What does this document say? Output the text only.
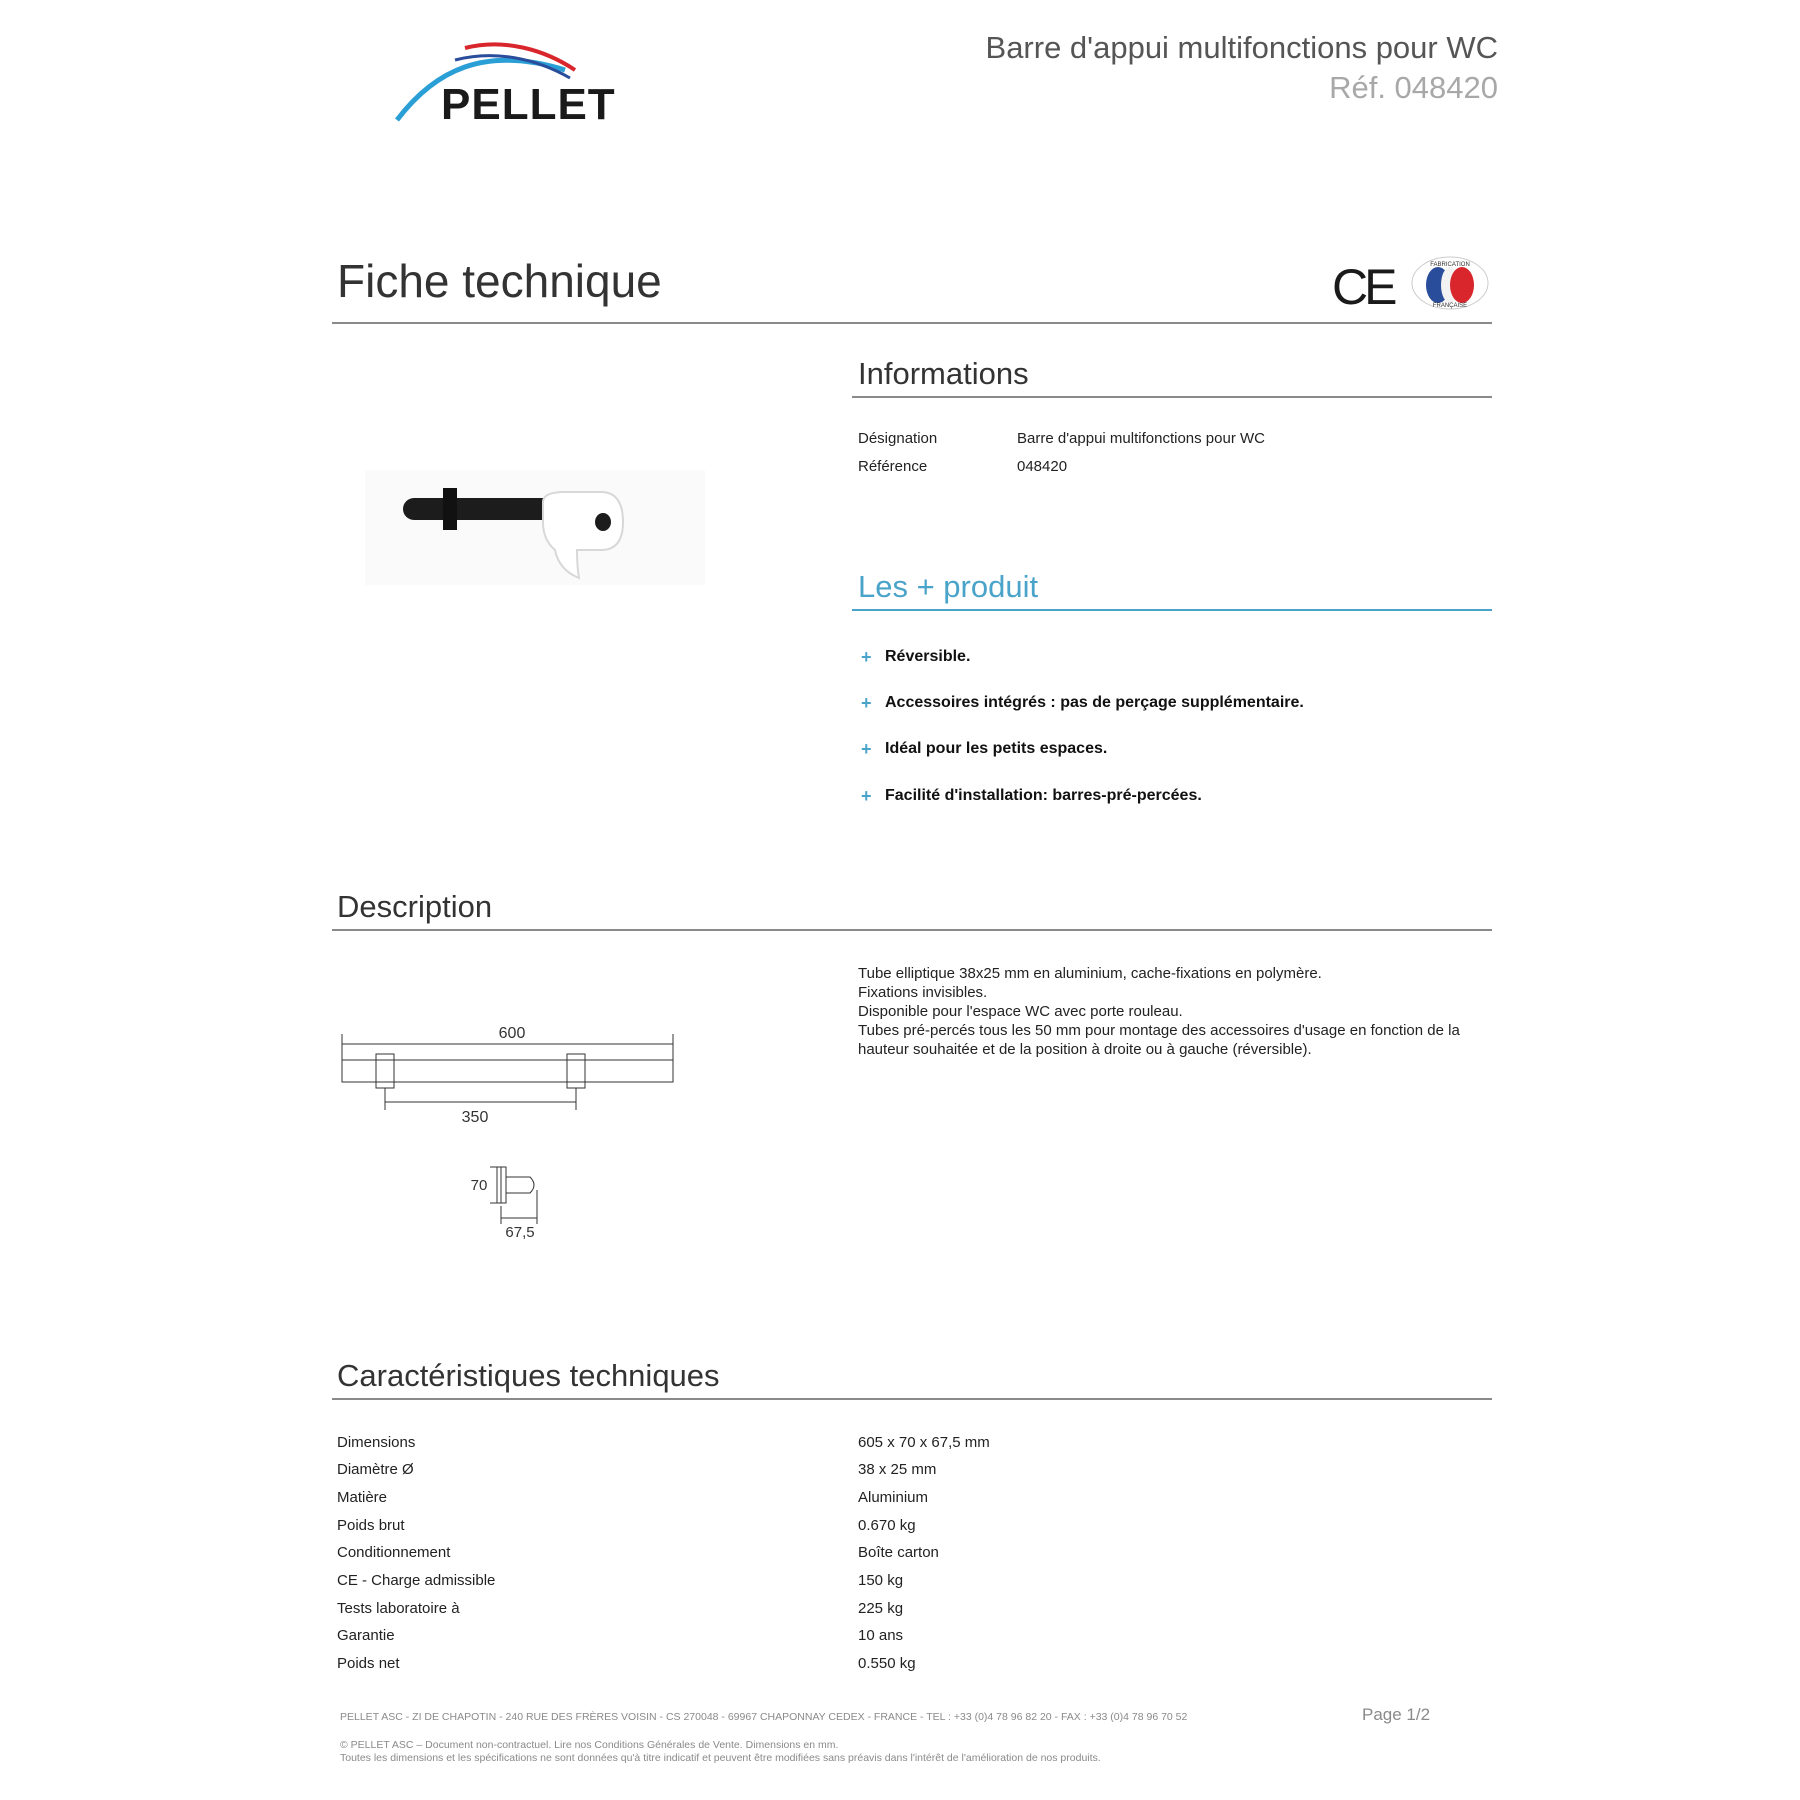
PELLET
Barre d'appui multifonctions pour WC
Réf. 048420
Fiche technique	CE	FABRICATION
FRANÇAISE
Informations
Désignation	Barre d'appui multifonctions pour WC
Référence	048420
Les + produit
+ Réversible.
+ Accessoires intégrés : pas de perçage supplémentaire.
+ Idéal pour les petits espaces.
+ Facilité d'installation: barres-pré-percées.
Description
Tube elliptique 38x25 mm en aluminium, cache-fixations en polymère.
Fixations invisibles.
Disponible pour l'espace WC avec porte rouleau.
Tubes pré-percés tous les 50 mm pour montage des accessoires d'usage en fonction de la hauteur souhaitée et de la position à droite ou à gauche (réversible).
600
350
70
67,5
Caractéristiques techniques
Dimensions	605 x 70 x 67,5 mm
Diamètre Ø	38 x 25 mm
Matière	Aluminium
Poids brut	0.670 kg
Conditionnement	Boîte carton
CE - Charge admissible	150 kg
Tests laboratoire à	225 kg
Garantie	10 ans
Poids net	0.550 kg
PELLET ASC - ZI DE CHAPOTIN - 240 RUE DES FRÈRES VOISIN - CS 270048 - 69967 CHAPONNAY CEDEX - FRANCE - TEL : +33 (0)4 78 96 82 20 - FAX : +33 (0)4 78 96 70 52	Page 1/2
© PELLET ASC – Document non-contractuel. Lire nos Conditions Générales de Vente. Dimensions en mm.
Toutes les dimensions et les spécifications ne sont données qu'à titre indicatif et peuvent être modifiées sans préavis dans l'intérêt de l'amélioration de nos produits.
